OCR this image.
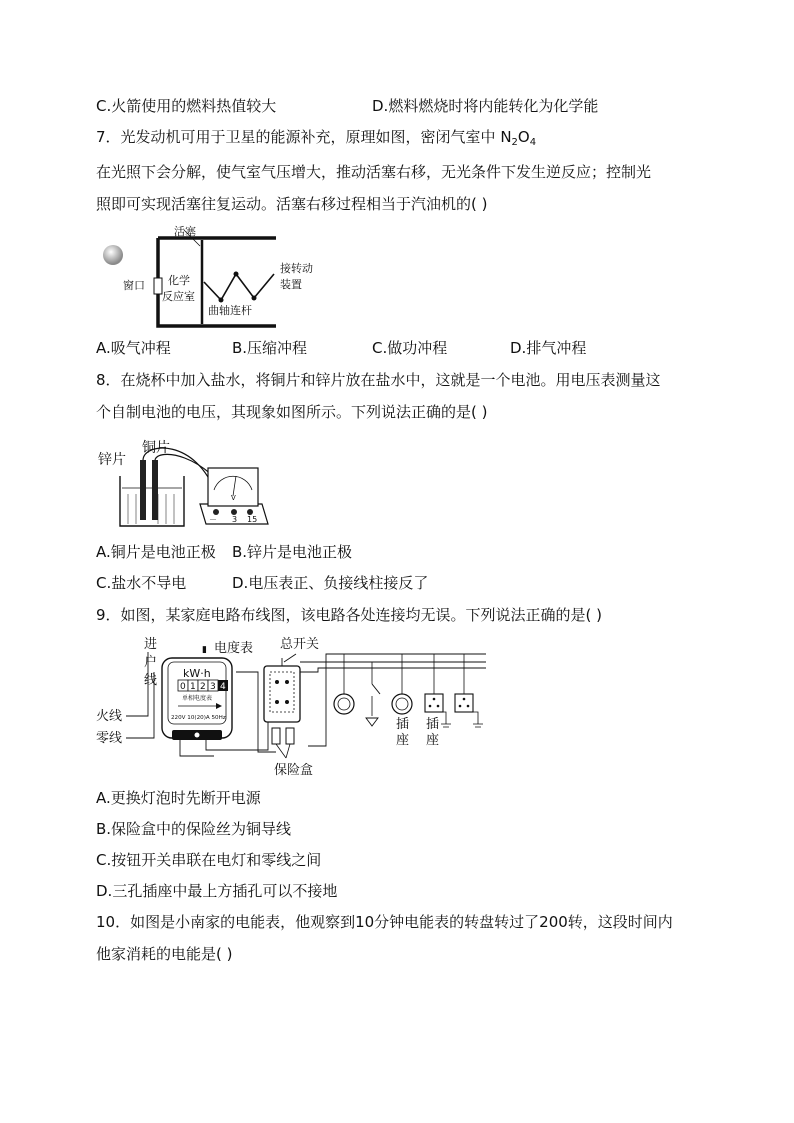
C.火箭使用的燃料热值较大	D.燃料燃烧时将内能转化为化学能
7．光发动机可用于卫星的能源补充，原理如图，密闭气室中 $N_2O_4$
在光照下会分解，使气室气压增大，推动活塞右移，无光条件下发生逆反应；控制光
照即可实现活塞往复运动。活塞右移过程相当于汽油机的( )
活塞
窗口 化学
反应室
曲轴连杆
接转动
装置
A.吸气冲程	B.压缩冲程	C.做功冲程	D.排气冲程
8．在烧杯中加入盐水，将铜片和锌片放在盐水中，这就是一个电池。用电压表测量这
个自制电池的电压，其现象如图所示。下列说法正确的是( )
V
－ 3 15
锌片
铜片
A.铜片是电池正极 B.锌片是电池正极
C.盐水不导电	D.电压表正、负接线柱接反了
9．如图，某家庭电路布线图，该电路各处连接均无误。下列说法正确的是( )
进
户
线
火线
零线
▮ 电度表
kW·h
0 1 2 3 4
单相电度表
220V 10(20)A 50Hz
总开关
保险盒
插
座
插
座
A.更换灯泡时先断开电源
B.保险盒中的保险丝为铜导线
C.按钮开关串联在电灯和零线之间
D.三孔插座中最上方插孔可以不接地
10．如图是小南家的电能表，他观察到10分钟电能表的转盘转过了200转，这段时间内
他家消耗的电能是( )
